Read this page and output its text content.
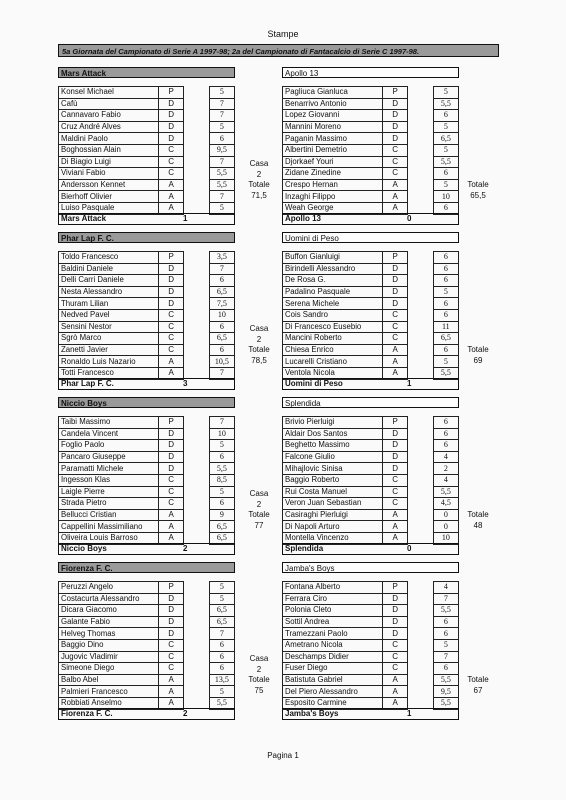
Stampe
5a Giornata del Campionato di Serie A 1997-98; 2a del Campionato di Fantacalcio di Serie C 1997-98.
Mars Attack
Konsel Michael	P		5
Cafù	D		7
Cannavaro Fabio	D		7
Cruz André Alves	D		5
Maldini Paolo	D		6
Boghossian Alain	C		9,5
Di Biagio Luigi	C		7
Viviani Fabio	C		5,5
Andersson Kennet	A		5,5
Bierhoff Olivier	A		7
Luiso Pasquale	A		5
Casa
2
Totale
71,5
Mars Attack	1
Apollo 13
Pagliuca Gianluca	P		5
Benarrivo Antonio	D		5,5
Lopez Giovanni	D		6
Mannini Moreno	D		5
Paganin Massimo	D		6,5
Albertini Demetrio	C		5
Djorkaef Youri	C		5,5
Zidane Zinedine	C		6
Crespo Hernan	A		5
Inzaghi Filippo	A		10
Weah George	A		6
Totale
65,5
Apollo 13	0
Phar Lap F. C.
Toldo Francesco	P		3,5
Baldini Daniele	D		7
Delli Carri Daniele	D		6
Nesta Alessandro	D		6,5
Thuram Lilian	D		7,5
Nedved Pavel	C		10
Sensini Nestor	C		6
Sgrò Marco	C		6,5
Zanetti Javier	C		6
Ronaldo Luis Nazario	A		10,5
Totti Francesco	A		7
Casa
2
Totale
78,5
Phar Lap F. C.	3
Uomini di Peso
Buffon Gianluigi	P		6
Birindelli Alessandro	D		6
De Rosa G.	D		6
Padalino Pasquale	D		5
Serena Michele	D		6
Cois Sandro	C		6
Di Francesco Eusebio	C		11
Mancini Roberto	C		6,5
Chiesa Enrico	A		6
Lucarelli Cristiano	A		5
Ventola Nicola	A		5,5
Totale
69
Uomini di Peso	1
Niccio Boys
Taibi Massimo	P		7
Candela Vincent	D		10
Foglio Paolo	D		5
Pancaro Giuseppe	D		6
Paramatti Michele	D		5,5
Ingesson Klas	C		8,5
Laigle Pierre	C		5
Strada Pietro	C		6
Bellucci Cristian	A		9
Cappellini Massimiliano	A		6,5
Oliveira Louis Barroso	A		6,5
Casa
2
Totale
77
Niccio Boys	2
Splendida
Brivio Pierluigi	P		6
Aldair Dos Santos	D		6
Beghetto Massimo	D		6
Falcone Giulio	D		4
Mihajlovic Sinisa	D		2
Baggio Roberto	C		4
Rui Costa Manuel	C		5,5
Veron Juan Sebastian	C		4,5
Casiraghi Pierluigi	A		0
Di Napoli Arturo	A		0
Montella Vincenzo	A		10
Totale
48
Splendida	0
Fiorenza F. C.
Peruzzi Angelo	P		5
Costacurta Alessandro	D		5
Dicara Giacomo	D		6,5
Galante Fabio	D		6,5
Helveg Thomas	D		7
Baggio Dino	C		6
Jugovic Vladimir	C		6
Simeone Diego	C		6
Balbo Abel	A		13,5
Palmieri Francesco	A		5
Robbiati Anselmo	A		5,5
Casa
2
Totale
75
Fiorenza F. C.	2
Jamba's Boys
Fontana Alberto	P		4
Ferrara Ciro	D		7
Polonia Cleto	D		5,5
Sottil Andrea	D		6
Tramezzani Paolo	D		6
Ametrano Nicola	C		5
Deschamps Didier	C		7
Fuser Diego	C		6
Batistuta Gabriel	A		5,5
Del Piero Alessandro	A		9,5
Esposito Carmine	A		5,5
Totale
67
Jamba's Boys	1
Pagina 1
